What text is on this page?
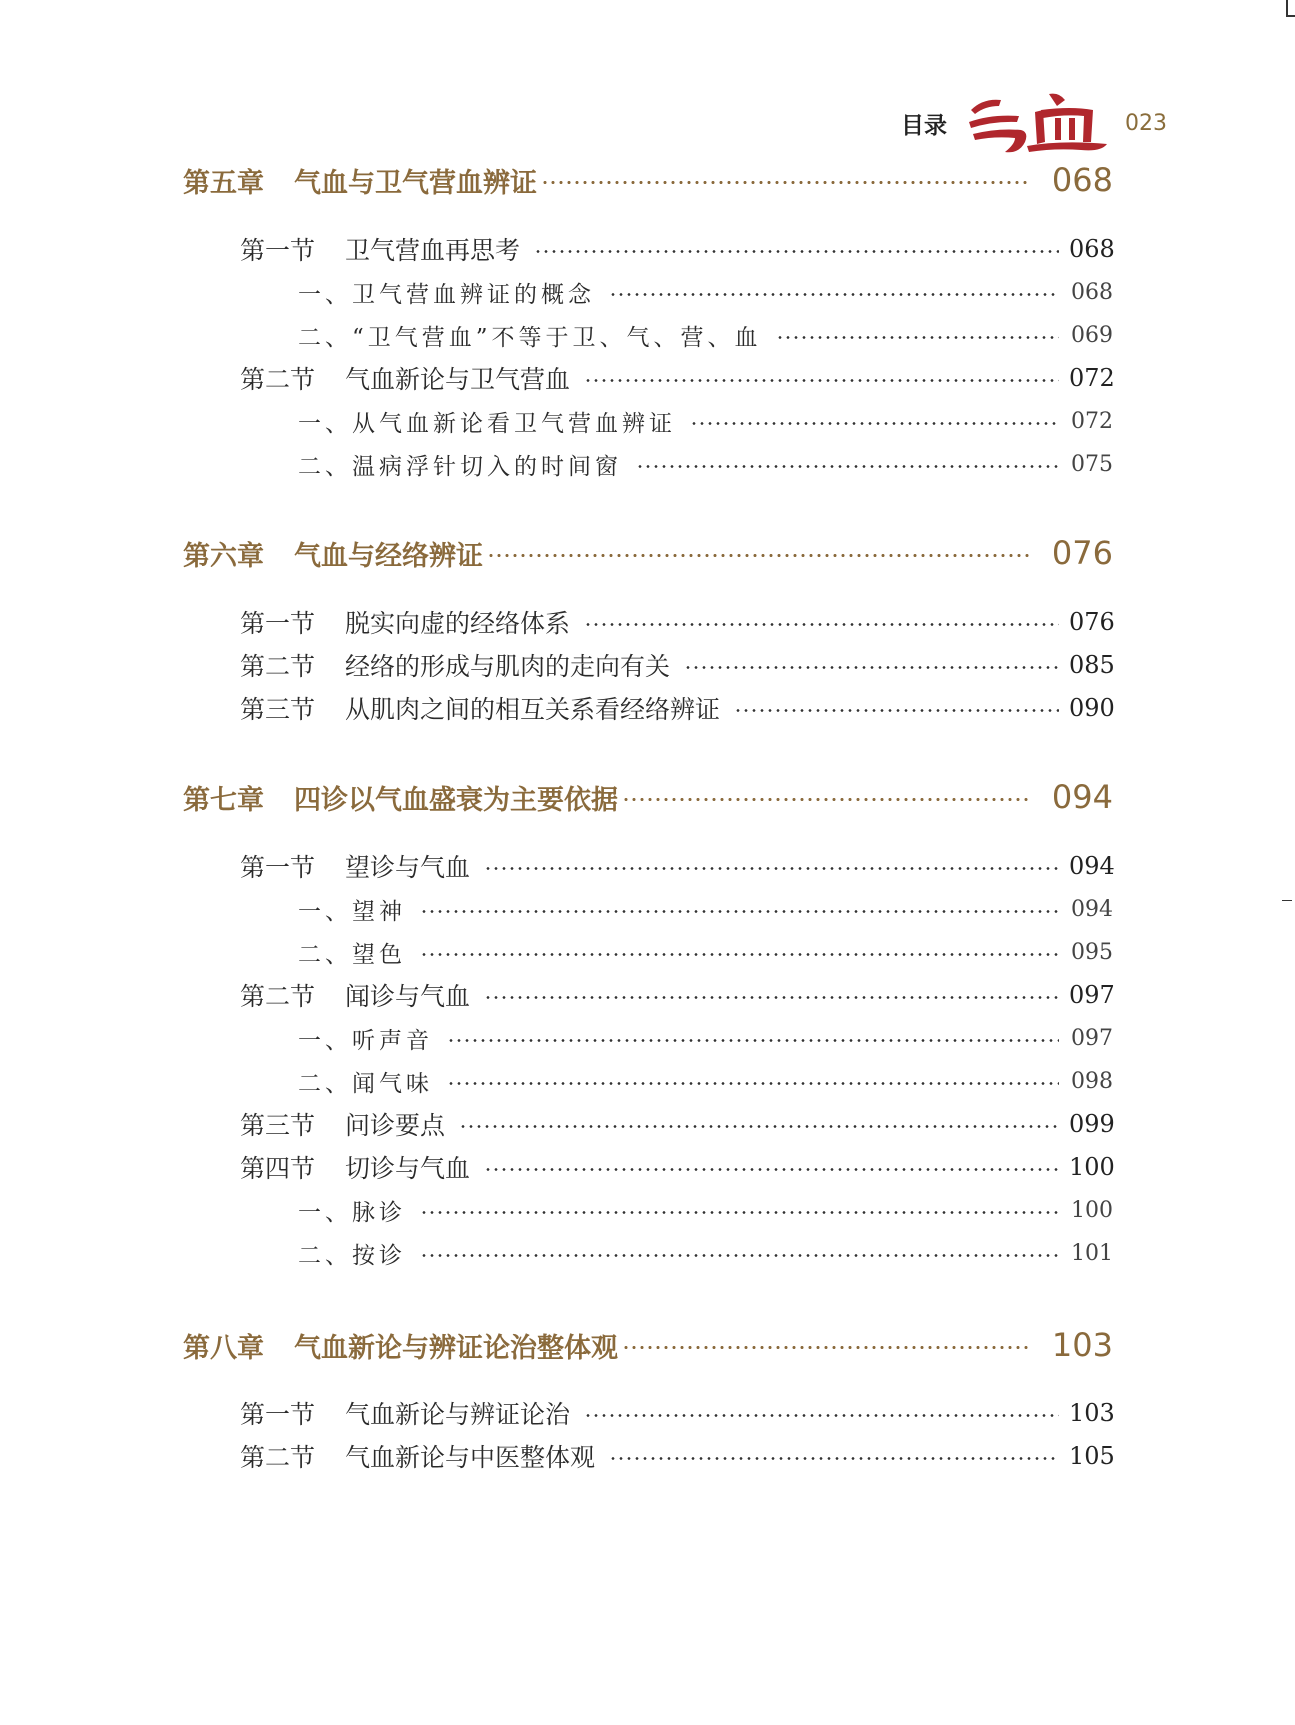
目录	023
第五章 气血与卫气营血辨证	068
第一节 卫气营血再思考	068
一、卫气营血辨证的概念	068
二、“卫气营血”不等于卫、气、营、血	069
第二节 气血新论与卫气营血	072
一、从气血新论看卫气营血辨证	072
二、温病浮针切入的时间窗	075
第六章 气血与经络辨证	076
第一节 脱实向虚的经络体系	076
第二节 经络的形成与肌肉的走向有关	085
第三节 从肌肉之间的相互关系看经络辨证	090
第七章 四诊以气血盛衰为主要依据	094
第一节 望诊与气血	094
一、望神	094
二、望色	095
第二节 闻诊与气血	097
一、听声音	097
二、闻气味	098
第三节 问诊要点	099
第四节 切诊与气血	100
一、脉诊	100
二、按诊	101
第八章 气血新论与辨证论治整体观	103
第一节 气血新论与辨证论治	103
第二节 气血新论与中医整体观	105
